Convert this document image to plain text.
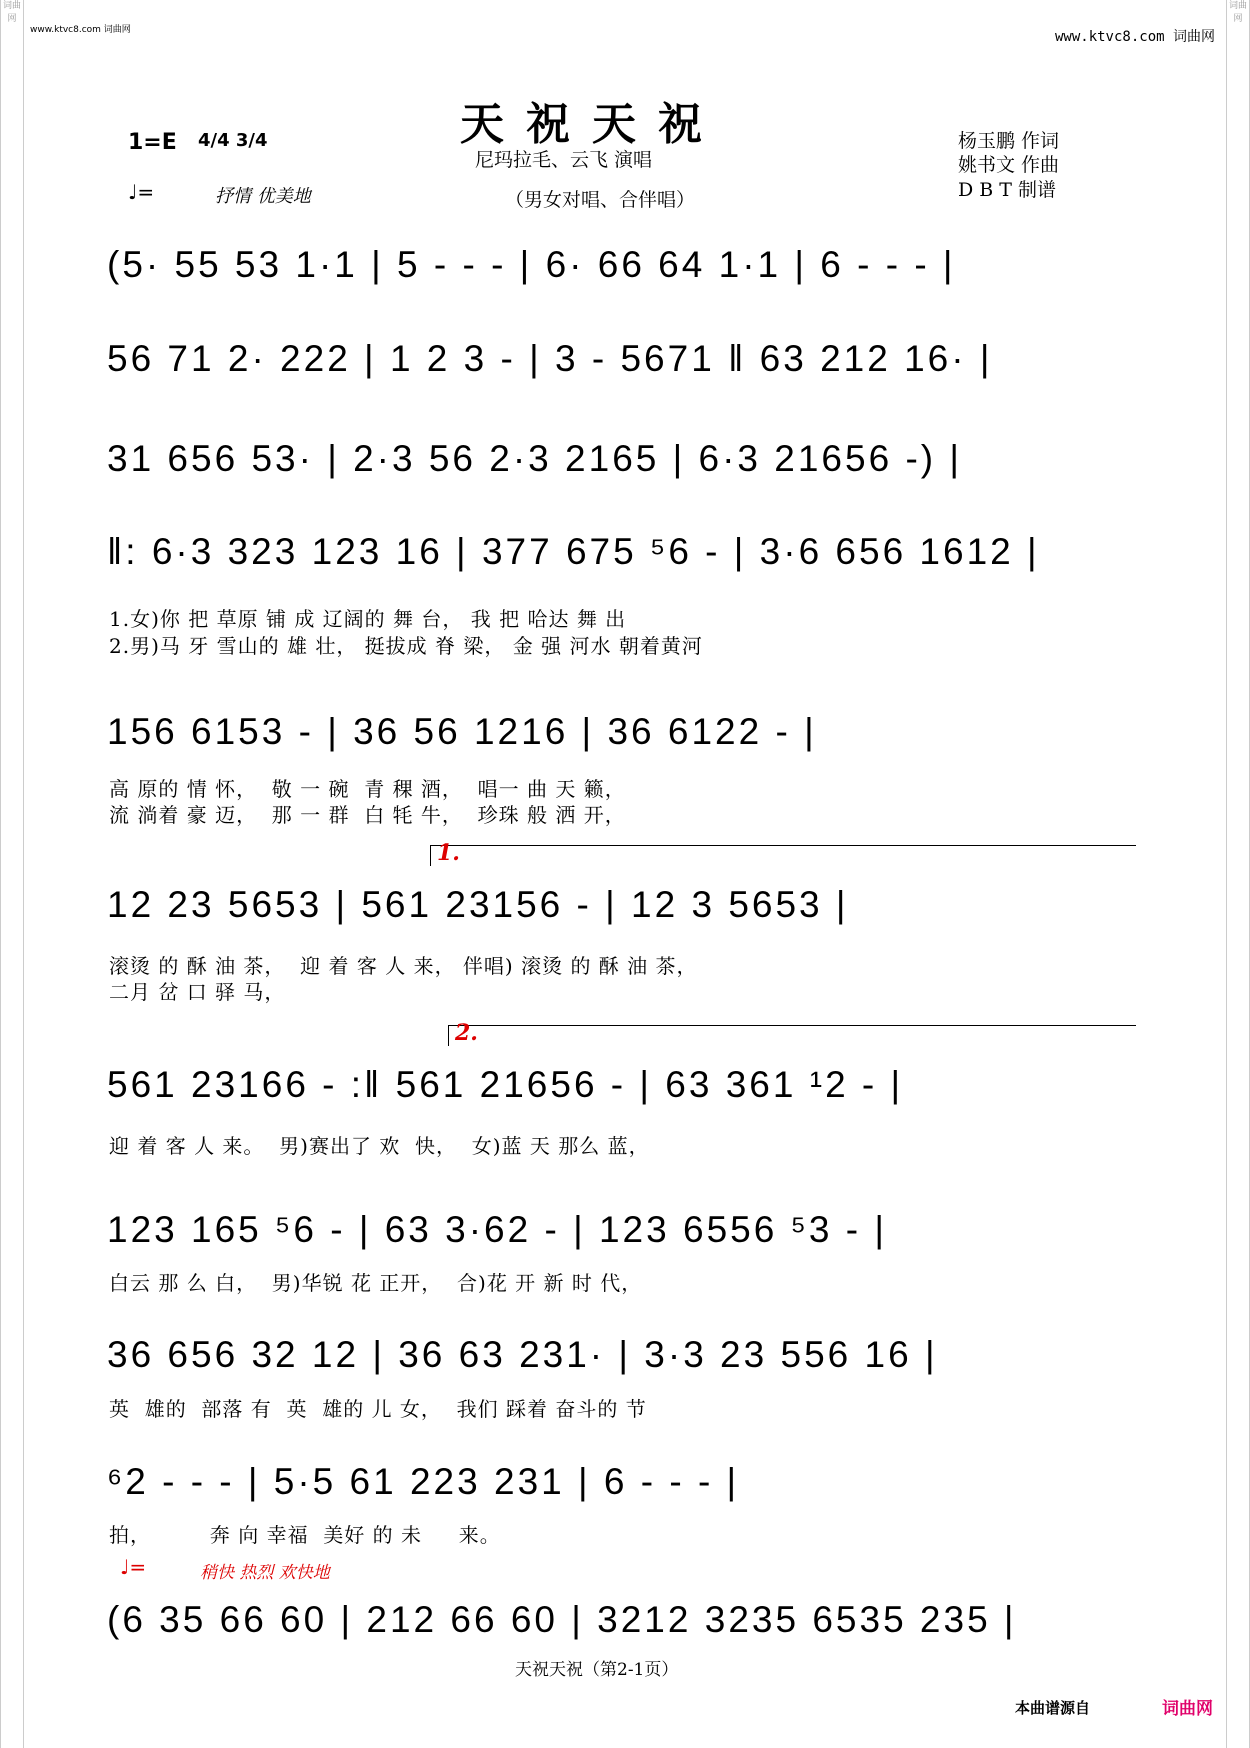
词曲网
词曲网
www.ktvc8.com 词曲网	www.ktvc8.com 词曲网
天祝天祝
1=E 4/4 3/4
♩=	抒情 优美地
尼玛拉毛、云飞 演唱
（男女对唱、合伴唱）
杨玉鹏 作词
姚书文 作曲
D B T 制谱
(5· 55 53 1·1 | 5 - - - | 6· 66 64 1·1 | 6 - - - |
56 71 2· 222 | 1 2 3 - | 3 - 5671 ‖ 63 212 16· |
31 656 53· | 2·3 56 2·3 2165 | 6·3 21656 -) |
‖: 6·3 323 123 16 | 377 675 ⁵6 - | 3·6 656 1612 |
1.女)你 把 草原 铺 成 辽阔的 舞 台， 我 把 哈达 舞 出
2.男)马 牙 雪山的 雄 壮， 挺拔成 脊 梁， 金 强 河水 朝着黄河
156 6153 - | 36 56 1216 | 36 6122 - |
高 原的 情 怀，  敬 一 碗  青 稞 酒，  唱一 曲 天 籁，
流 淌着 豪 迈，  那 一 群  白 牦 牛，  珍珠 般 洒 开，
1.
12 23 5653 | 561 23156 - | 12 3 5653 |
滚烫 的 酥 油 茶，  迎 着 客 人 来， 伴唱) 滚烫 的 酥 油 茶，
二月 岔 口 驿 马，
2.
561 23166 - :‖ 561 21656 - | 63 361 ¹2 - |
迎 着 客 人 来。  男)赛出了 欢  快，  女)蓝 天 那么 蓝，
123 165 ⁵6 - | 63 3·62 - | 123 6556 ⁵3 - |
白云 那 么 白，  男)华锐 花 正开，  合)花 开 新 时 代，
36 656 32 12 | 36 63 231· | 3·3 23 556 16 |
英  雄的  部落 有  英  雄的 儿 女，  我们 踩着 奋斗的 节
⁶2 - - - | 5·5 61 223 231 | 6 - - - |
拍，        奔 向 幸福  美好 的 未     来。
♩=	稍快 热烈 欢快地
(6 35 66 60 | 212 66 60 | 3212 3235 6535 235 |
天祝天祝（第2-1页）
本曲谱源自	词曲网
